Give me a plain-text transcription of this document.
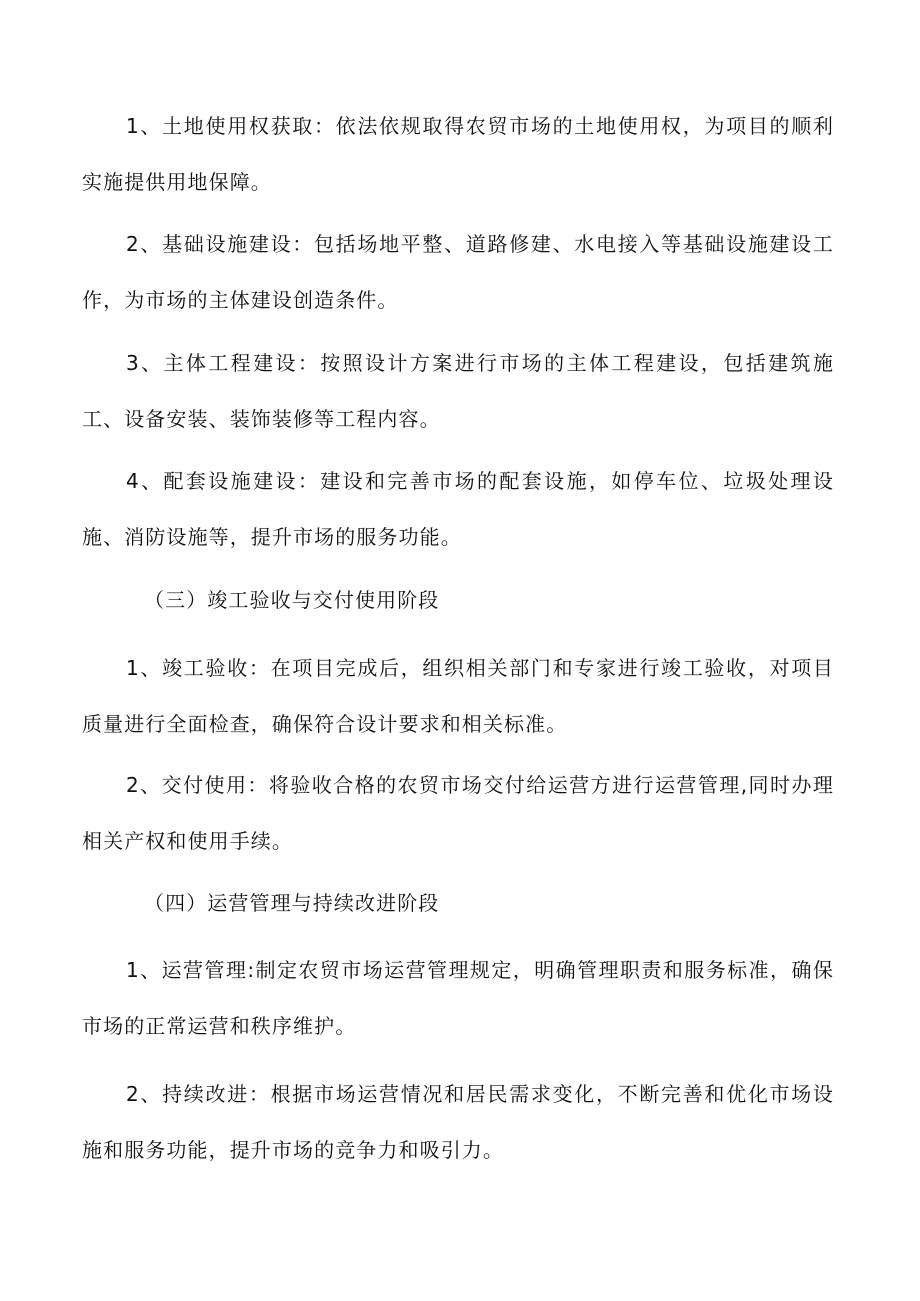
1、土地使用权获取：依法依规取得农贸市场的土地使用权，为项目的顺利实施提供用地保障。

2、基础设施建设：包括场地平整、道路修建、水电接入等基础设施建设工作，为市场的主体建设创造条件。

3、主体工程建设：按照设计方案进行市场的主体工程建设，包括建筑施工、设备安装、装饰装修等工程内容。

4、配套设施建设：建设和完善市场的配套设施，如停车位、垃圾处理设施、消防设施等，提升市场的服务功能。

（三）竣工验收与交付使用阶段

1、竣工验收：在项目完成后，组织相关部门和专家进行竣工验收，对项目质量进行全面检查，确保符合设计要求和相关标准。

2、交付使用：将验收合格的农贸市场交付给运营方进行运营管理,同时办理相关产权和使用手续。

（四）运营管理与持续改进阶段

1、运营管理:制定农贸市场运营管理规定，明确管理职责和服务标准，确保市场的正常运营和秩序维护。

2、持续改进：根据市场运营情况和居民需求变化，不断完善和优化市场设施和服务功能，提升市场的竞争力和吸引力。
